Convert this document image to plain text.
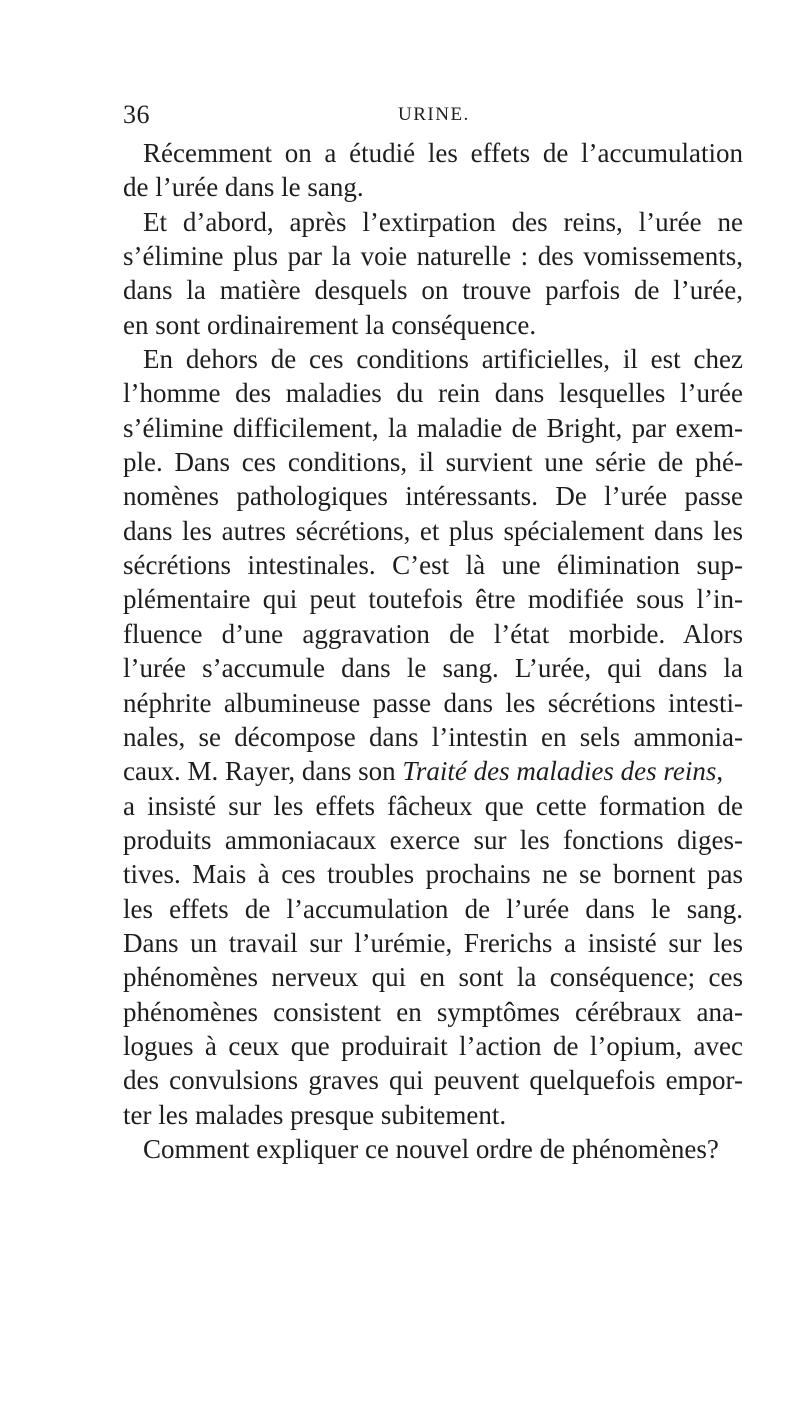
36	URINE.
Récemment on a étudié les effets de l’accumulation
de l’urée dans le sang.
Et d’abord, après l’extirpation des reins, l’urée ne
s’élimine plus par la voie naturelle : des vomissements,
dans la matière desquels on trouve parfois de l’urée,
en sont ordinairement la conséquence.
En dehors de ces conditions artificielles, il est chez
l’homme des maladies du rein dans lesquelles l’urée
s’élimine difficilement, la maladie de Bright, par exem-
ple. Dans ces conditions, il survient une série de phé-
nomènes pathologiques intéressants. De l’urée passe
dans les autres sécrétions, et plus spécialement dans les
sécrétions intestinales. C’est là une élimination sup-
plémentaire qui peut toutefois être modifiée sous l’in-
fluence d’une aggravation de l’état morbide. Alors
l’urée s’accumule dans le sang. L’urée, qui dans la
néphrite albumineuse passe dans les sécrétions intesti-
nales, se décompose dans l’intestin en sels ammonia-
caux. M. Rayer, dans son Traité des maladies des reins,
a insisté sur les effets fâcheux que cette formation de
produits ammoniacaux exerce sur les fonctions diges-
tives. Mais à ces troubles prochains ne se bornent pas
les effets de l’accumulation de l’urée dans le sang.
Dans un travail sur l’urémie, Frerichs a insisté sur les
phénomènes nerveux qui en sont la conséquence; ces
phénomènes consistent en symptômes cérébraux ana-
logues à ceux que produirait l’action de l’opium, avec
des convulsions graves qui peuvent quelquefois empor-
ter les malades presque subitement.
Comment expliquer ce nouvel ordre de phénomènes?
